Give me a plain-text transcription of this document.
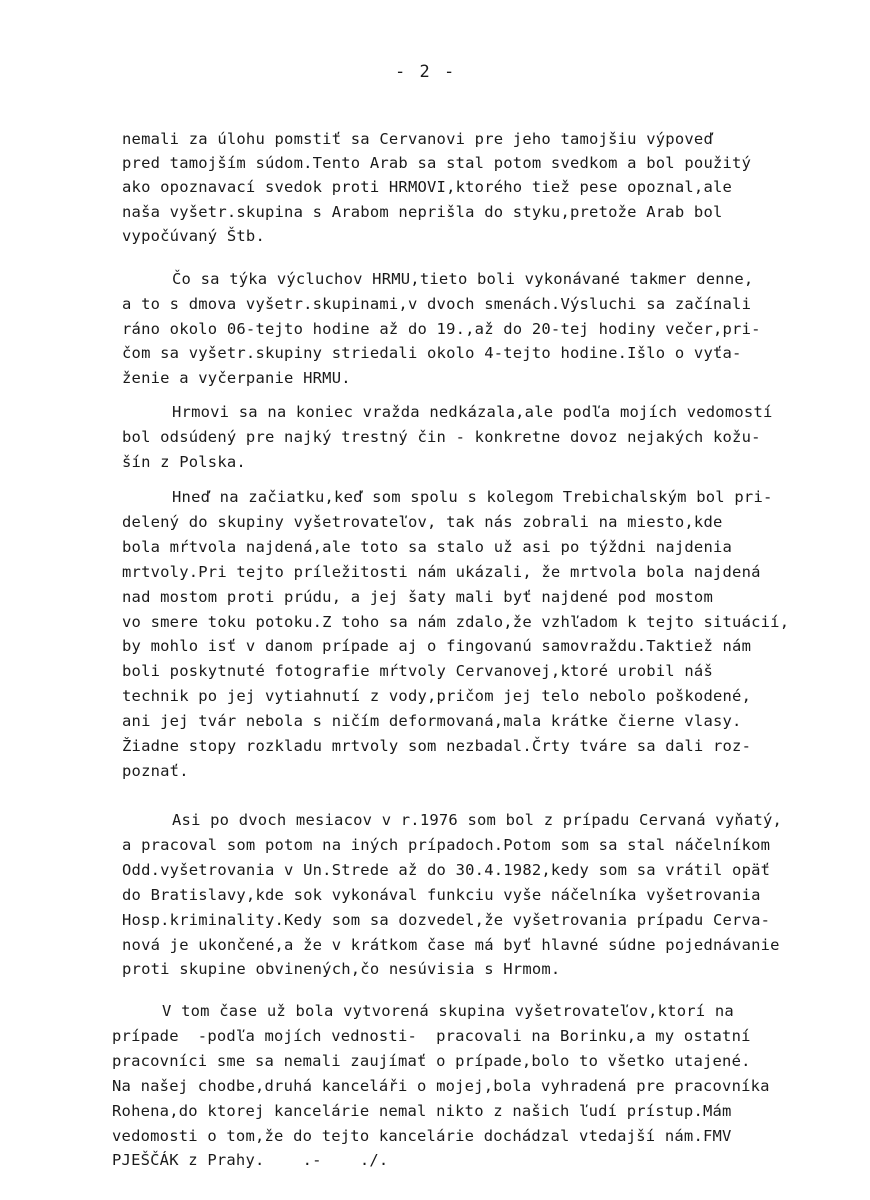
- 2 -
nemali za úlohu pomstiť sa Cervanovi pre jeho tamojšiu výpoveď
pred tamojším súdom.Tento Arab sa stal potom svedkom a bol použitý
ako opoznavací svedok proti HRMOVI,ktorého tiež pese opoznal,ale
naša vyšetr.skupina s Arabom neprišla do styku,pretože Arab bol
vypočúvaný Štb.
Čo sa týka výcluchov HRMU,tieto boli vykonávané takmer denne,
a to s dmova vyšetr.skupinami,v dvoch smenách.Výsluchi sa začínali
ráno okolo 06-tejto hodine až do 19.,až do 20-tej hodiny večer,pri-
čom sa vyšetr.skupiny striedali okolo 4-tejto hodine.Išlo o vyťa-
ženie a vyčerpanie HRMU.
Hrmovi sa na koniec vražda nedkázala,ale podľa mojích vedomostí
bol odsúdený pre najký trestný čin - konkretne dovoz nejakých kožu-
šín z Polska.
Hneď na začiatku,keď som spolu s kolegom Trebichalským bol pri-
delený do skupiny vyšetrovateľov, tak nás zobrali na miesto,kde
bola mŕtvola najdená,ale toto sa stalo už asi po týždni najdenia
mrtvoly.Pri tejto príležitosti nám ukázali, že mrtvola bola najdená
nad mostom proti prúdu, a jej šaty mali byť najdené pod mostom
vo smere toku potoku.Z toho sa nám zdalo,že vzhľadom k tejto situácií,
by mohlo isť v danom prípade aj o fingovanú samovraždu.Taktiež nám
boli poskytnuté fotografie mŕtvoly Cervanovej,ktoré urobil náš
technik po jej vytiahnutí z vody,pričom jej telo nebolo poškodené,
ani jej tvár nebola s ničím deformovaná,mala krátke čierne vlasy.
Žiadne stopy rozkladu mrtvoly som nezbadal.Črty tváre sa dali roz-
poznať.
Asi po dvoch mesiacov v r.1976 som bol z prípadu Cervaná vyňatý,
a pracoval som potom na iných prípadoch.Potom som sa stal náčelníkom
Odd.vyšetrovania v Un.Strede až do 30.4.1982,kedy som sa vrátil opäť
do Bratislavy,kde sok vykonával funkciu vyše náčelníka vyšetrovania
Hosp.kriminality.Kedy som sa dozvedel,že vyšetrovania prípadu Cerva-
nová je ukončené,a že v krátkom čase má byť hlavné súdne pojednávanie
proti skupine obvinených,čo nesúvisia s Hrmom.
V tom čase už bola vytvorená skupina vyšetrovateľov,ktorí na
prípade  -podľa mojích vednosti-  pracovali na Borinku,a my ostatní
pracovníci sme sa nemali zaujímať o prípade,bolo to všetko utajené.
Na našej chodbe,druhá kanceláři o mojej,bola vyhradená pre pracovníka
Rohena,do ktorej kancelárie nemal nikto z našich ľudí prístup.Mám
vedomosti o tom,že do tejto kancelárie dochádzal vtedajší nám.FMV
PJEŠČÁK z Prahy.    .-    ./.
